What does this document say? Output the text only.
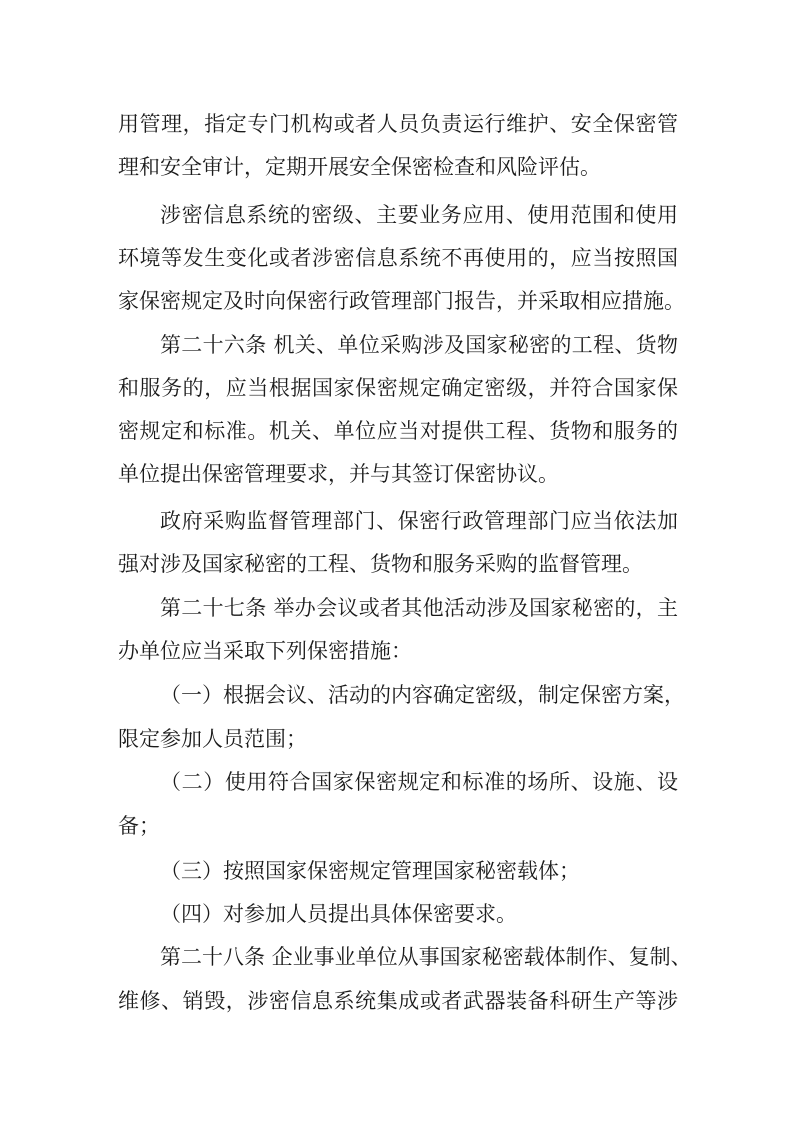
用管理，指定专门机构或者人员负责运行维护、安全保密管
理和安全审计，定期开展安全保密检查和风险评估。
涉密信息系统的密级、主要业务应用、使用范围和使用
环境等发生变化或者涉密信息系统不再使用的，应当按照国
家保密规定及时向保密行政管理部门报告，并采取相应措施。
第二十六条 机关、单位采购涉及国家秘密的工程、货物
和服务的，应当根据国家保密规定确定密级，并符合国家保
密规定和标准。机关、单位应当对提供工程、货物和服务的
单位提出保密管理要求，并与其签订保密协议。
政府采购监督管理部门、保密行政管理部门应当依法加
强对涉及国家秘密的工程、货物和服务采购的监督管理。
第二十七条 举办会议或者其他活动涉及国家秘密的，主
办单位应当采取下列保密措施：
（一）根据会议、活动的内容确定密级，制定保密方案，
限定参加人员范围；
（二）使用符合国家保密规定和标准的场所、设施、设
备；
（三）按照国家保密规定管理国家秘密载体；
（四）对参加人员提出具体保密要求。
第二十八条 企业事业单位从事国家秘密载体制作、复制、
维修、销毁，涉密信息系统集成或者武器装备科研生产等涉
